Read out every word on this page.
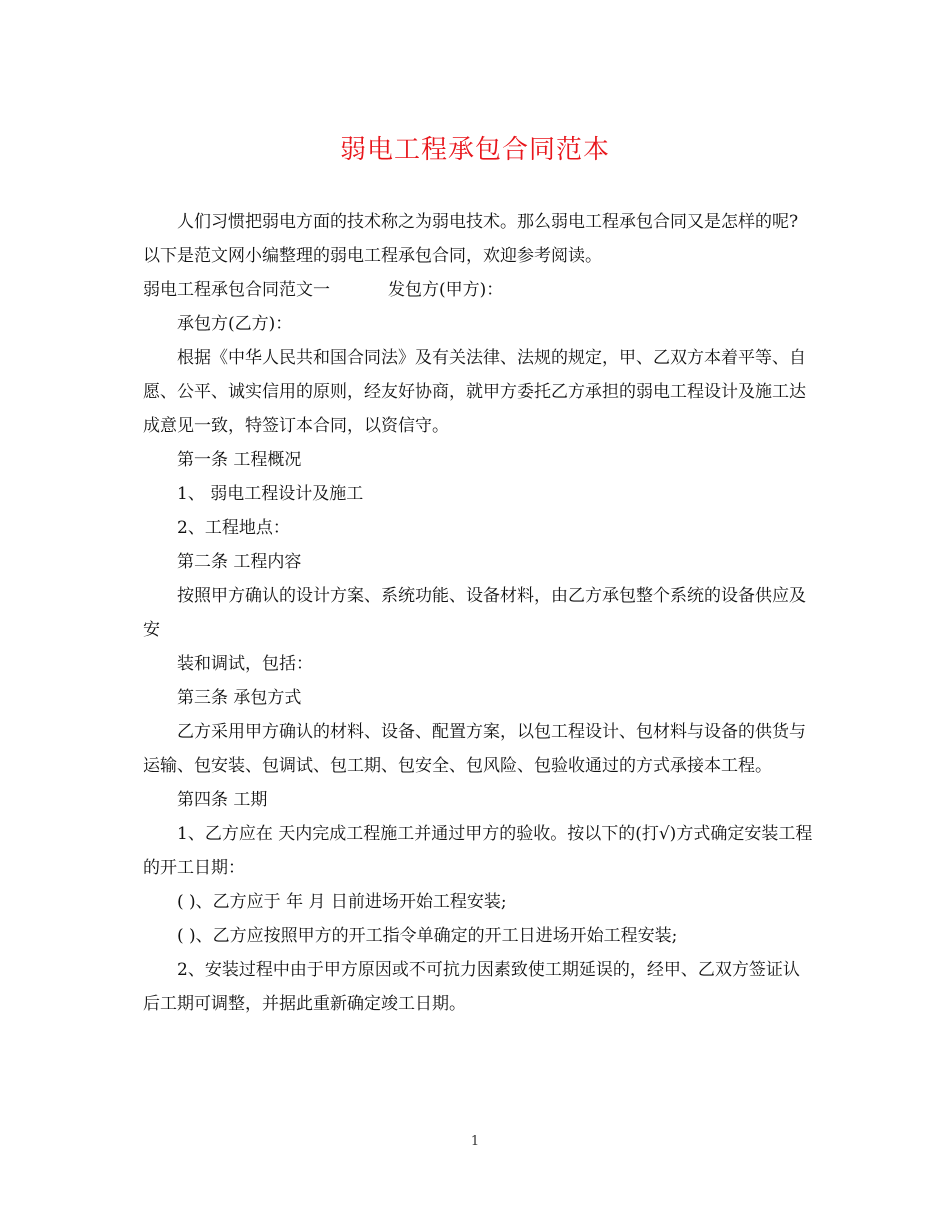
弱电工程承包合同范本

人们习惯把弱电方面的技术称之为弱电技术。那么弱电工程承包合同又是怎样的呢?以下是范文网小编整理的弱电工程承包合同，欢迎参考阅读。

弱电工程承包合同范文一	发包方(甲方)：

承包方(乙方)：

根据《中华人民共和国合同法》及有关法律、法规的规定，甲、乙双方本着平等、自愿、公平、诚实信用的原则，经友好协商，就甲方委托乙方承担的弱电工程设计及施工达成意见一致，特签订本合同，以资信守。

第一条 工程概况

1、 弱电工程设计及施工

2、工程地点：

第二条 工程内容

按照甲方确认的设计方案、系统功能、设备材料，由乙方承包整个系统的设备供应及安

装和调试，包括：

第三条 承包方式

乙方采用甲方确认的材料、设备、配置方案，以包工程设计、包材料与设备的供货与运输、包安装、包调试、包工期、包安全、包风险、包验收通过的方式承接本工程。

第四条 工期

1、乙方应在 天内完成工程施工并通过甲方的验收。按以下的(打√)方式确定安装工程的开工日期：

( )、乙方应于 年 月 日前进场开始工程安装;

( )、乙方应按照甲方的开工指令单确定的开工日进场开始工程安装;

2、安装过程中由于甲方原因或不可抗力因素致使工期延误的，经甲、乙双方签证认后工期可调整，并据此重新确定竣工日期。

1
